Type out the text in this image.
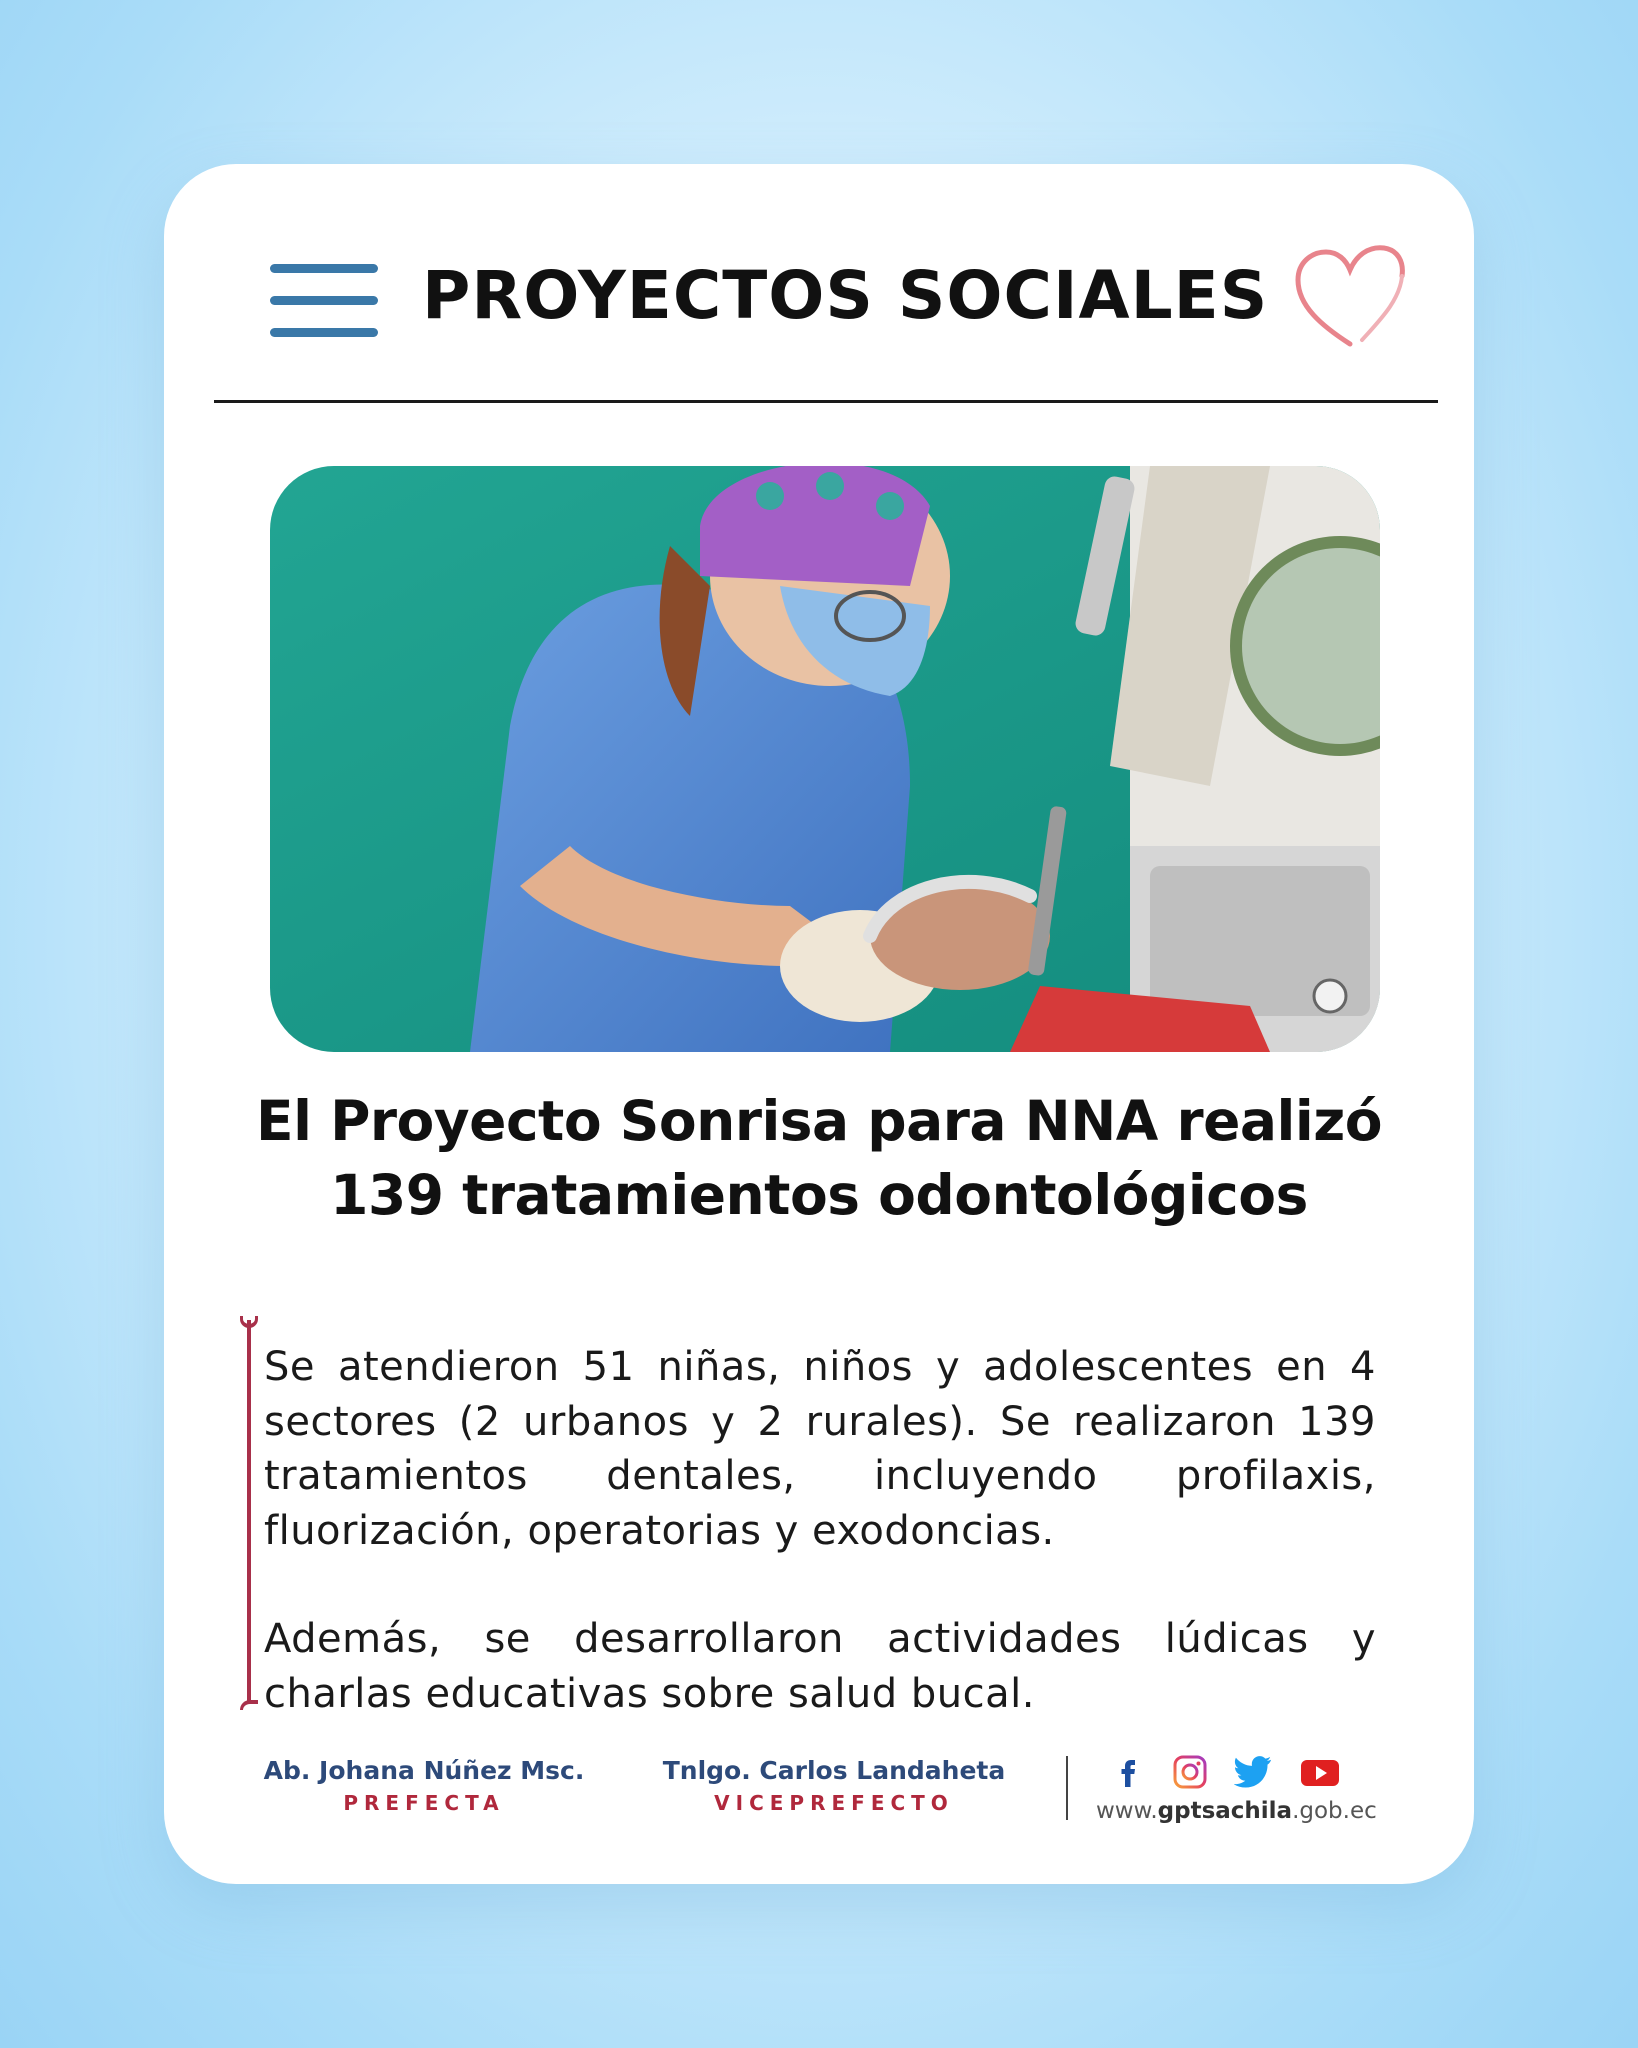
PROYECTOS SOCIALES
El Proyecto Sonrisa para NNA realizó 139 tratamientos odontológicos

Se atendieron 51 niñas, niños y adolescentes en 4 sectores (2 urbanos y 2 rurales). Se realizaron 139 tratamientos dentales, incluyendo profilaxis, fluorización, operatorias y exodoncias.

Además, se desarrollaron actividades lúdicas y charlas educativas sobre salud bucal.

Ab. Johana Núñez Msc.
PREFECTA
Tnlgo. Carlos Landaheta
VICEPREFECTO	www.gptsachila.gob.ec
